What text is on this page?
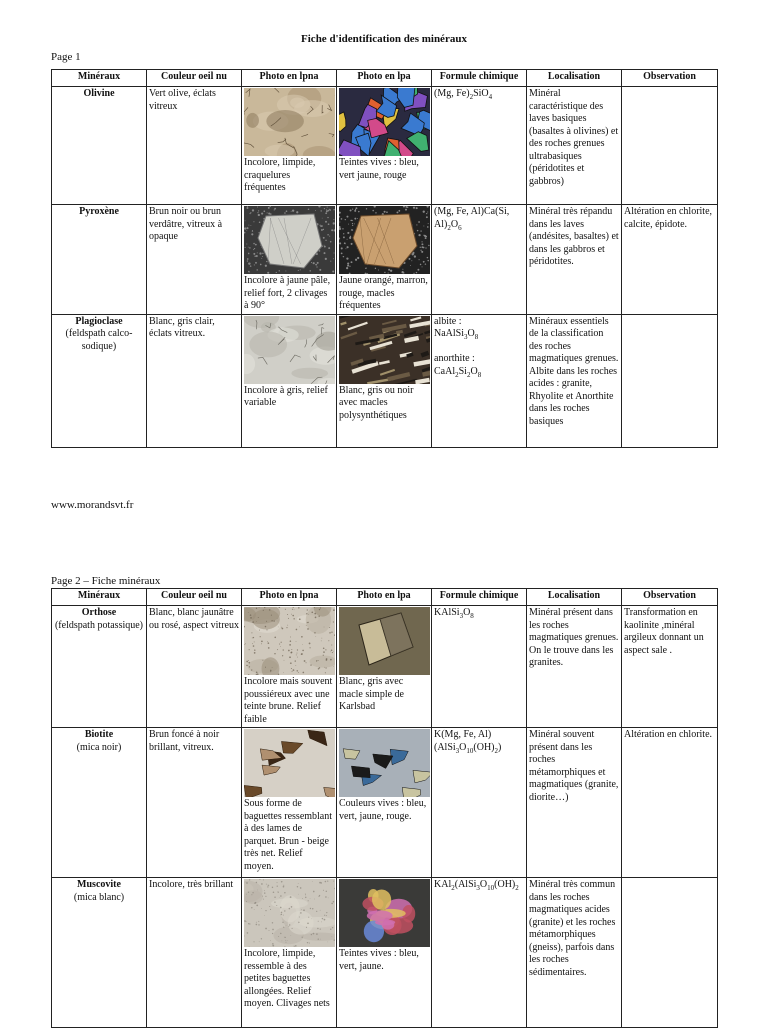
Fiche d'identification des minéraux
Page 1
Minéraux	Couleur oeil nu	Photo en lpna	Photo en lpa	Formule chimique	Localisation	Observation

Olivine	Vert olive, éclats vitreux	Incolore, limpide, craquelures fréquentes	Teintes vives : bleu, vert jaune, rouge	(Mg, $Fe)_2SiO_4$	Minéral caractéristique des laves basiques (basaltes à olivines) et des roches grenues ultrabasiques (péridotites et gabbros)	

Pyroxène	Brun noir ou brun verdâtre, vitreux à opaque	Incolore à jaune pâle, relief fort, 2 clivages à 90°	Jaune orangé, marron, rouge, macles fréquentes	(Mg, Fe, Al)Ca(Si, $Al)_2O_6$	Minéral très répandu dans les laves (andésites, basaltes) et dans les gabbros et péridotites.	Altération en chlorite, calcite, épidote.

Plagioclase
(feldspath calco-sodique)	Blanc, gris clair, éclats vitreux.	Incolore à gris, relief variable	Blanc, gris ou noir avec macles polysynthétiques	albite :
$NaAlSi_3O_8$

anorthite :
$CaAl_2Si_2O_8$	Minéraux essentiels de la classification des roches magmatiques grenues. Albite dans les roches acides : granite, Rhyolite et Anorthite dans les roches basiques	
www.morandsvt.fr
Page 2 – Fiche minéraux
Minéraux	Couleur oeil nu	Photo en lpna	Photo en lpa	Formule chimique	Localisation	Observation

Orthose
(feldspath potassique)	Blanc, blanc jaunâtre ou rosé, aspect vitreux	Incolore mais souvent poussiéreux avec une teinte brune. Relief faible	Blanc, gris avec macle simple de Karlsbad	$KAlSi_3O_8$	Minéral présent dans les roches magmatiques grenues. On le trouve dans les granites.	Transformation en kaolinite ,minéral argileux donnant un aspect sale .

Biotite
(mica noir)	Brun foncé à noir brillant, vitreux.	Sous forme de baguettes ressemblant à des lames de parquet. Brun - beige très net. Relief moyen.	Couleurs vives : bleu, vert, jaune, rouge.	K(Mg, Fe, $Al)(AlSi_3O_{10}(OH)_2)$	Minéral souvent présent dans les roches métamorphiques et magmatiques (granite, diorite…)	Altération en chlorite.

Muscovite
(mica blanc)	Incolore, très brillant	Incolore, limpide, ressemble à des petites baguettes allongées. Relief moyen. Clivages nets	Teintes vives : bleu, vert, jaune.	$KAl_2(AlSi_3O_{10}(OH)_2$	Minéral très commun dans les roches magmatiques acides (granite) et les roches métamorphiques (gneiss), parfois dans les roches sédimentaires.	
